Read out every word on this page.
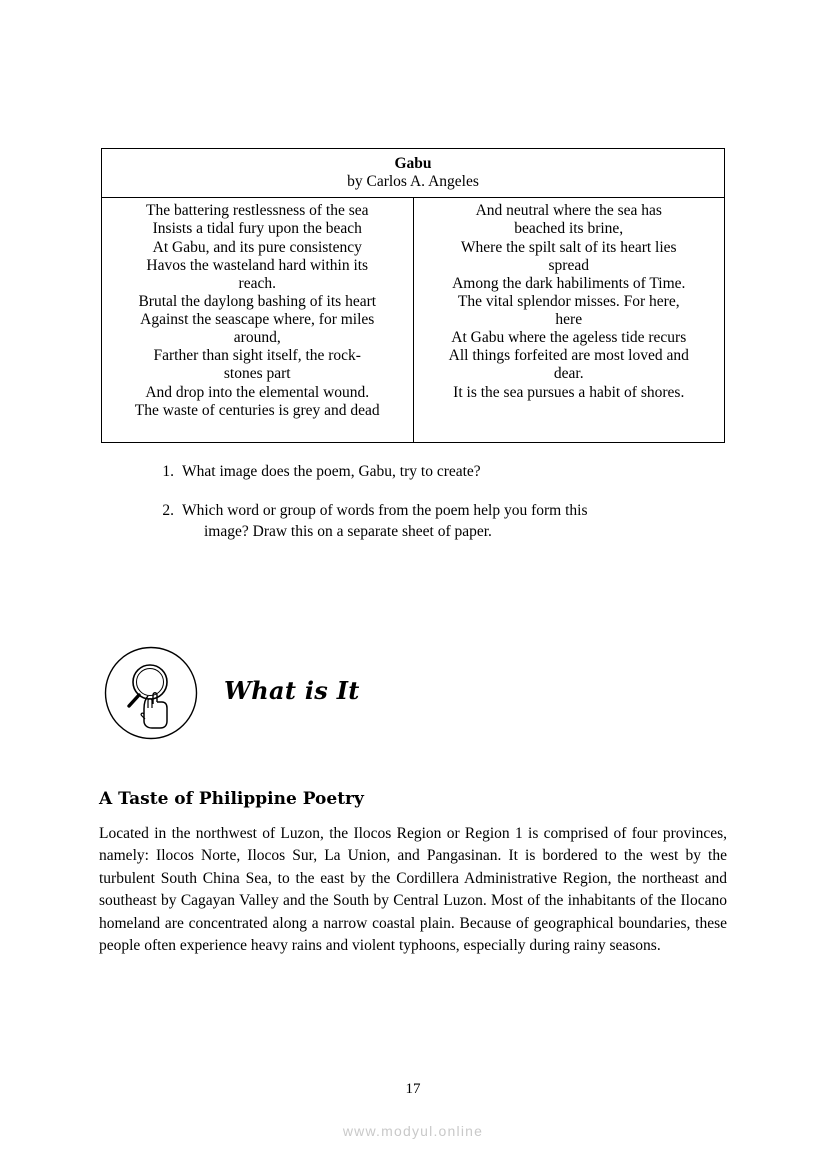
Gabu
by Carlos A. Angeles

The battering restlessness of the sea
Insists a tidal fury upon the beach
At Gabu, and its pure consistency
Havos the wasteland hard within its
reach.
Brutal the daylong bashing of its heart
Against the seascape where, for miles
around,
Farther than sight itself, the rock-
stones part
And drop into the elemental wound.
The waste of centuries is grey and dead

And neutral where the sea has
beached its brine,
Where the spilt salt of its heart lies
spread
Among the dark habiliments of Time.
The vital splendor misses. For here,
here
At Gabu where the ageless tide recurs
All things forfeited are most loved and
dear.
It is the sea pursues a habit of shores.
1. What image does the poem, Gabu, try to create?
2. Which word or group of words from the poem help you form this
image? Draw this on a separate sheet of paper.
What is It
A Taste of Philippine Poetry
Located in the northwest of Luzon, the Ilocos Region or Region 1 is comprised of four provinces, namely: Ilocos Norte, Ilocos Sur, La Union, and Pangasinan. It is bordered to the west by the turbulent South China Sea, to the east by the Cordillera Administrative Region, the northeast and southeast by Cagayan Valley and the South by Central Luzon. Most of the inhabitants of the Ilocano homeland are concentrated along a narrow coastal plain. Because of geographical boundaries, these people often experience heavy rains and violent typhoons, especially during rainy seasons.
17
www.modyul.online
